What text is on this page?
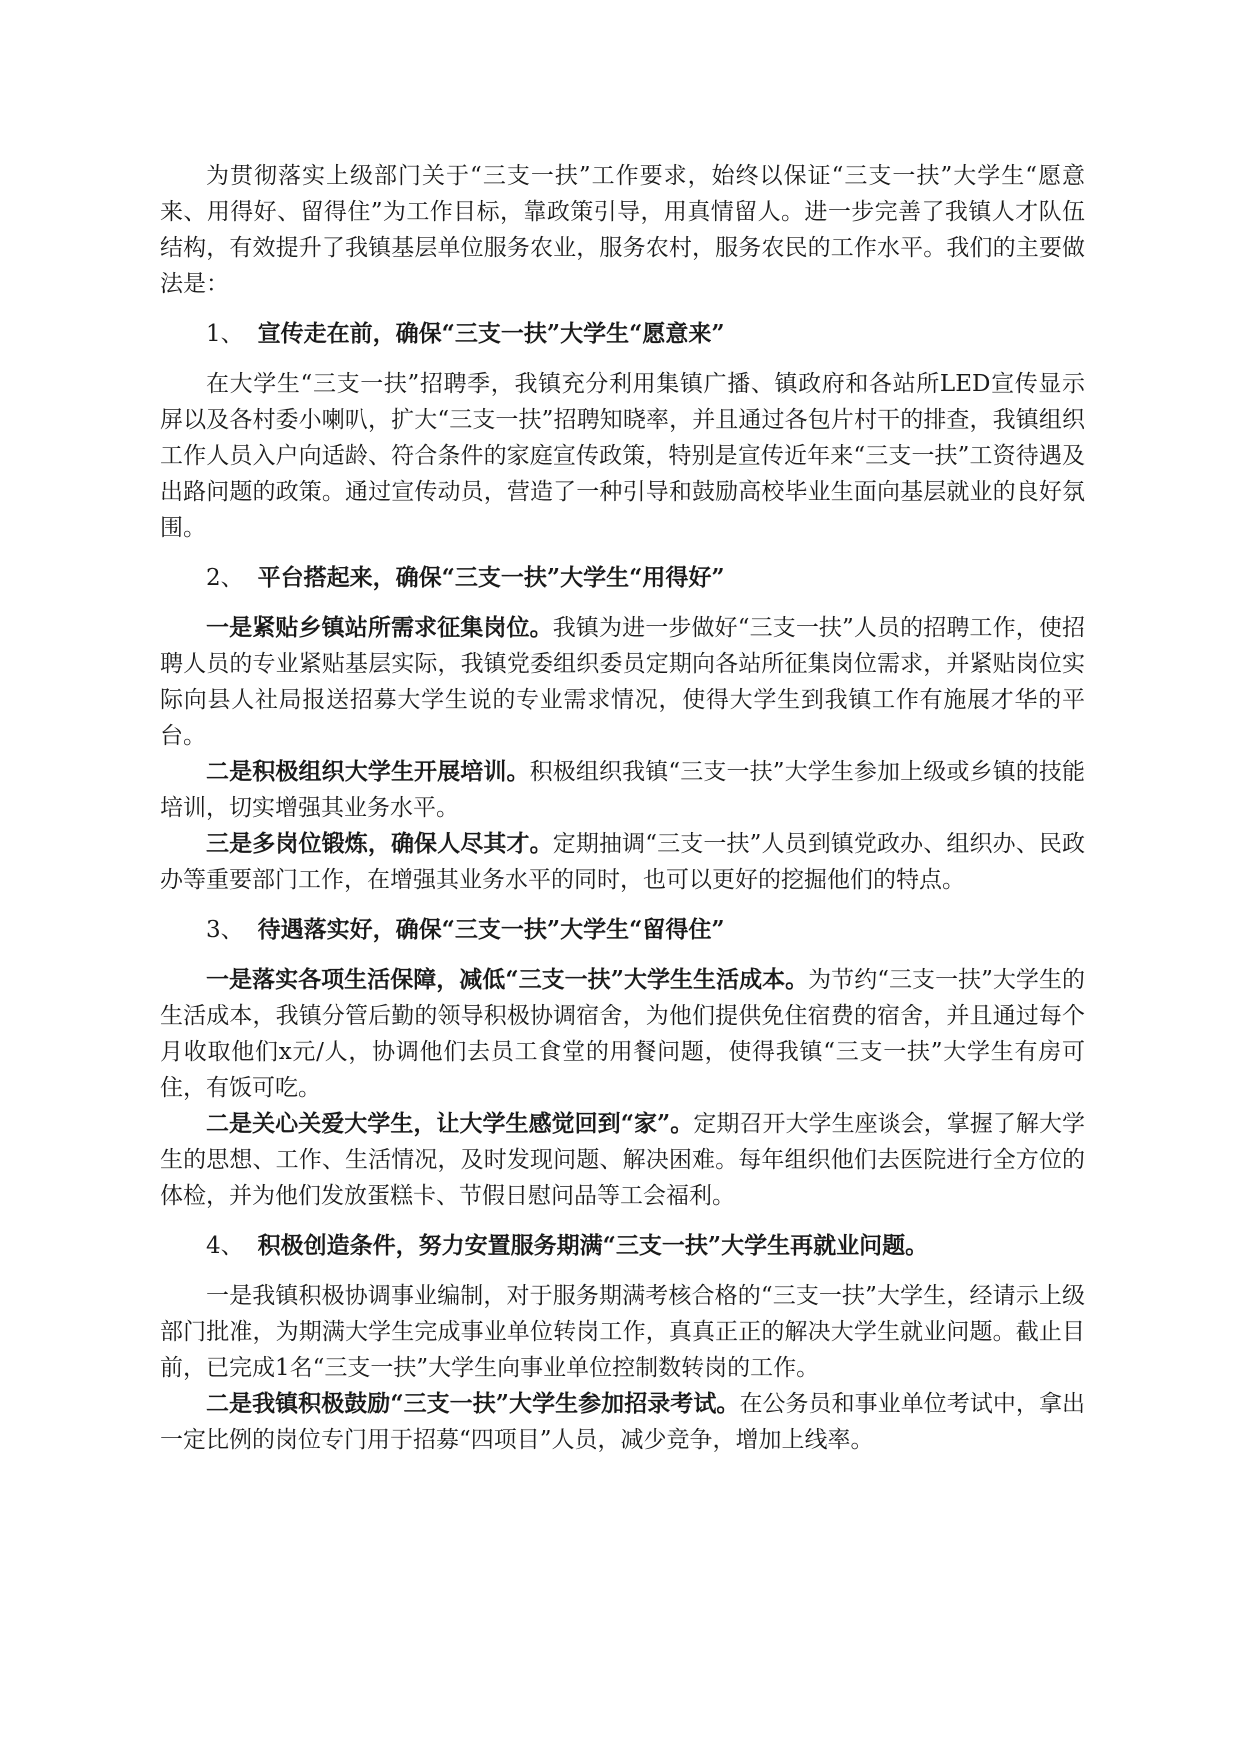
为贯彻落实上级部门关于“三支一扶”工作要求，始终以保证“三支一扶”大学生“愿意来、用得好、留得住”为工作目标，靠政策引导，用真情留人。进一步完善了我镇人才队伍结构，有效提升了我镇基层单位服务农业，服务农村，服务农民的工作水平。我们的主要做法是：

1、 宣传走在前，确保“三支一扶”大学生“愿意来”

在大学生“三支一扶”招聘季，我镇充分利用集镇广播、镇政府和各站所LED宣传显示屏以及各村委小喇叭，扩大“三支一扶”招聘知晓率，并且通过各包片村干的排查，我镇组织工作人员入户向适龄、符合条件的家庭宣传政策，特别是宣传近年来“三支一扶”工资待遇及出路问题的政策。通过宣传动员，营造了一种引导和鼓励高校毕业生面向基层就业的良好氛围。

2、 平台搭起来，确保“三支一扶”大学生“用得好”

一是紧贴乡镇站所需求征集岗位。我镇为进一步做好“三支一扶”人员的招聘工作，使招聘人员的专业紧贴基层实际，我镇党委组织委员定期向各站所征集岗位需求，并紧贴岗位实际向县人社局报送招募大学生说的专业需求情况，使得大学生到我镇工作有施展才华的平台。

二是积极组织大学生开展培训。积极组织我镇“三支一扶”大学生参加上级或乡镇的技能培训，切实增强其业务水平。

三是多岗位锻炼，确保人尽其才。定期抽调“三支一扶”人员到镇党政办、组织办、民政办等重要部门工作，在增强其业务水平的同时，也可以更好的挖掘他们的特点。

3、 待遇落实好，确保“三支一扶”大学生“留得住”

一是落实各项生活保障，减低“三支一扶”大学生生活成本。为节约“三支一扶”大学生的生活成本，我镇分管后勤的领导积极协调宿舍，为他们提供免住宿费的宿舍，并且通过每个月收取他们x元/人，协调他们去员工食堂的用餐问题，使得我镇“三支一扶”大学生有房可住，有饭可吃。

二是关心关爱大学生，让大学生感觉回到“家”。定期召开大学生座谈会，掌握了解大学生的思想、工作、生活情况，及时发现问题、解决困难。每年组织他们去医院进行全方位的体检，并为他们发放蛋糕卡、节假日慰问品等工会福利。

4、 积极创造条件，努力安置服务期满“三支一扶”大学生再就业问题。

一是我镇积极协调事业编制，对于服务期满考核合格的“三支一扶”大学生，经请示上级部门批准，为期满大学生完成事业单位转岗工作，真真正正的解决大学生就业问题。截止目前，已完成1名“三支一扶”大学生向事业单位控制数转岗的工作。

二是我镇积极鼓励“三支一扶”大学生参加招录考试。在公务员和事业单位考试中，拿出一定比例的岗位专门用于招募“四项目”人员，减少竞争，增加上线率。
